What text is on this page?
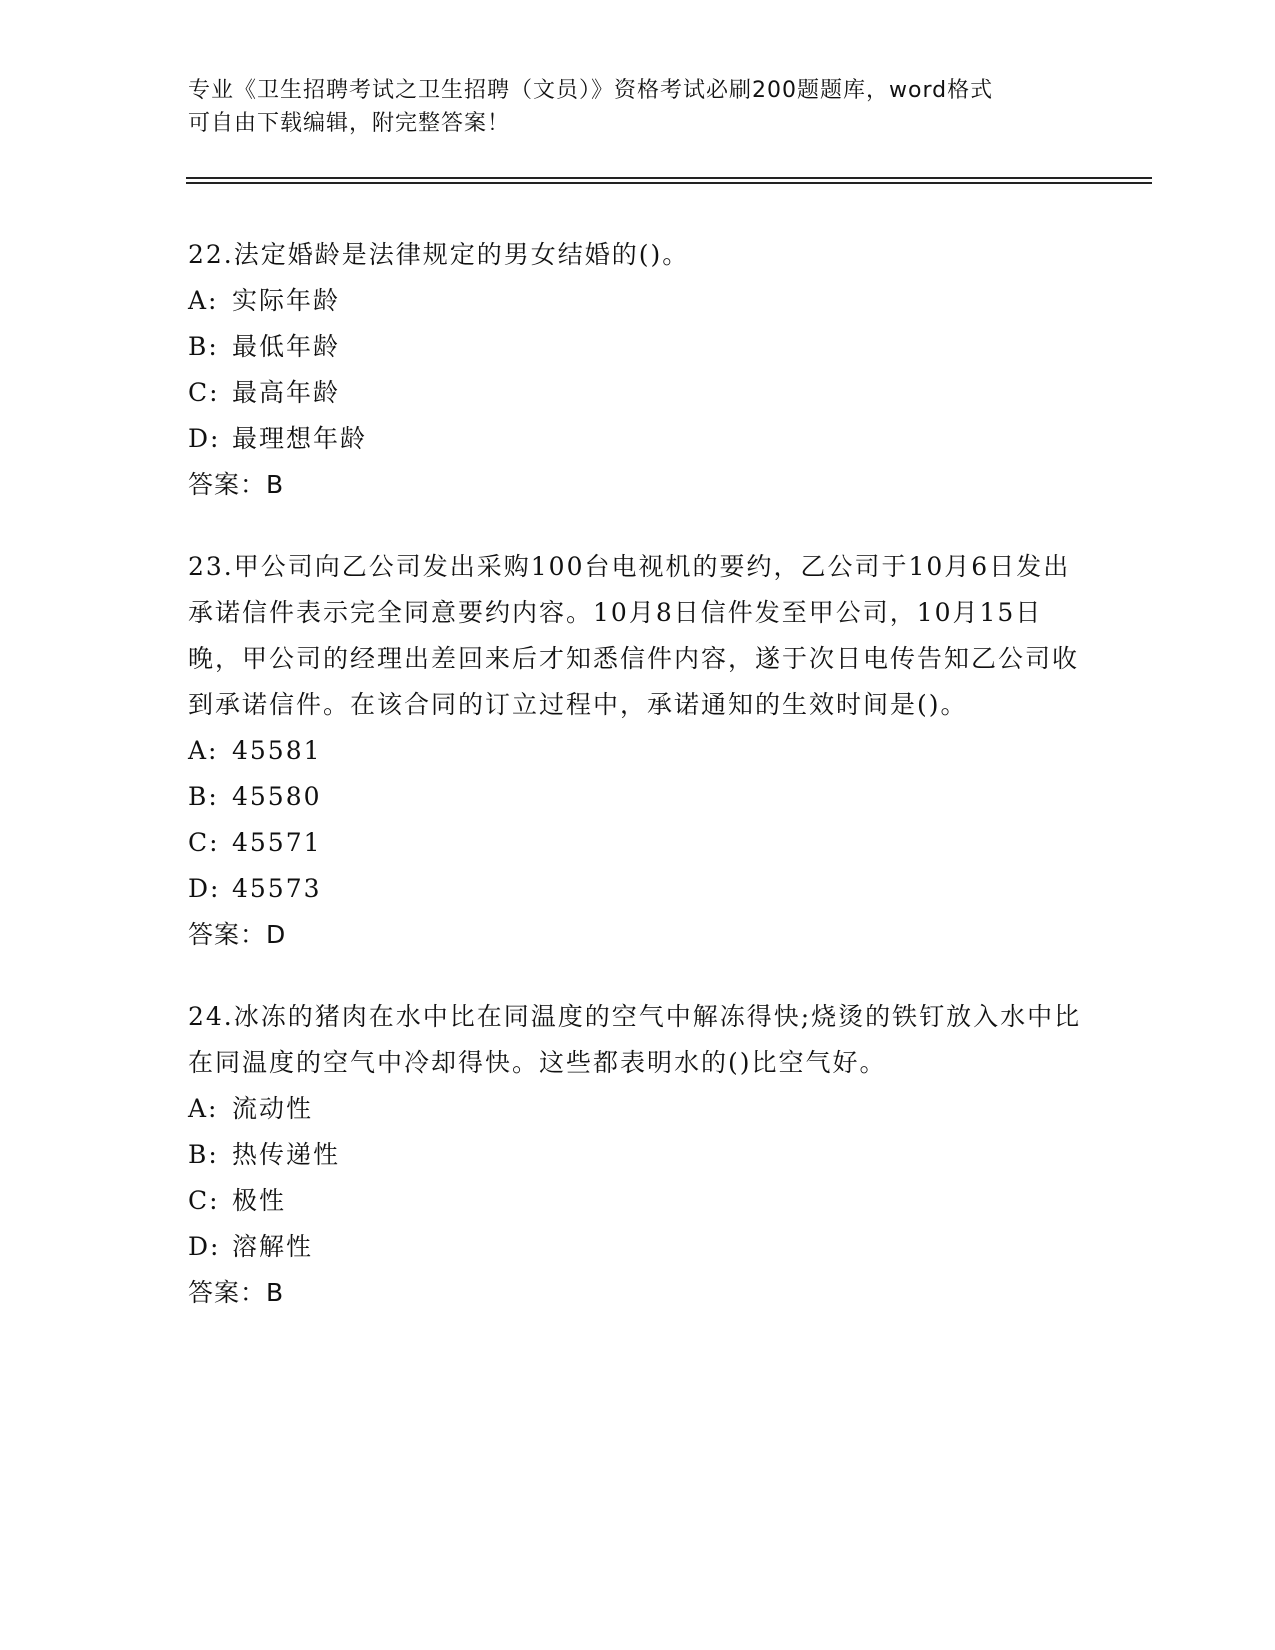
专业《卫生招聘考试之卫生招聘（文员）》资格考试必刷200题题库，word格式
可自由下载编辑，附完整答案！

22.法定婚龄是法律规定的男女结婚的()。

A: 实际年龄
B: 最低年龄
C: 最高年龄
D: 最理想年龄
答案：B

23.甲公司向乙公司发出采购100台电视机的要约，乙公司于10月6日发出承诺信件表示完全同意要约内容。10月8日信件发至甲公司，10月15日晚，甲公司的经理出差回来后才知悉信件内容，遂于次日电传告知乙公司收到承诺信件。在该合同的订立过程中，承诺通知的生效时间是()。

A: 45581
B: 45580
C: 45571
D: 45573
答案：D

24.冰冻的猪肉在水中比在同温度的空气中解冻得快;烧烫的铁钉放入水中比在同温度的空气中冷却得快。这些都表明水的()比空气好。

A: 流动性
B: 热传递性
C: 极性
D: 溶解性
答案：B
